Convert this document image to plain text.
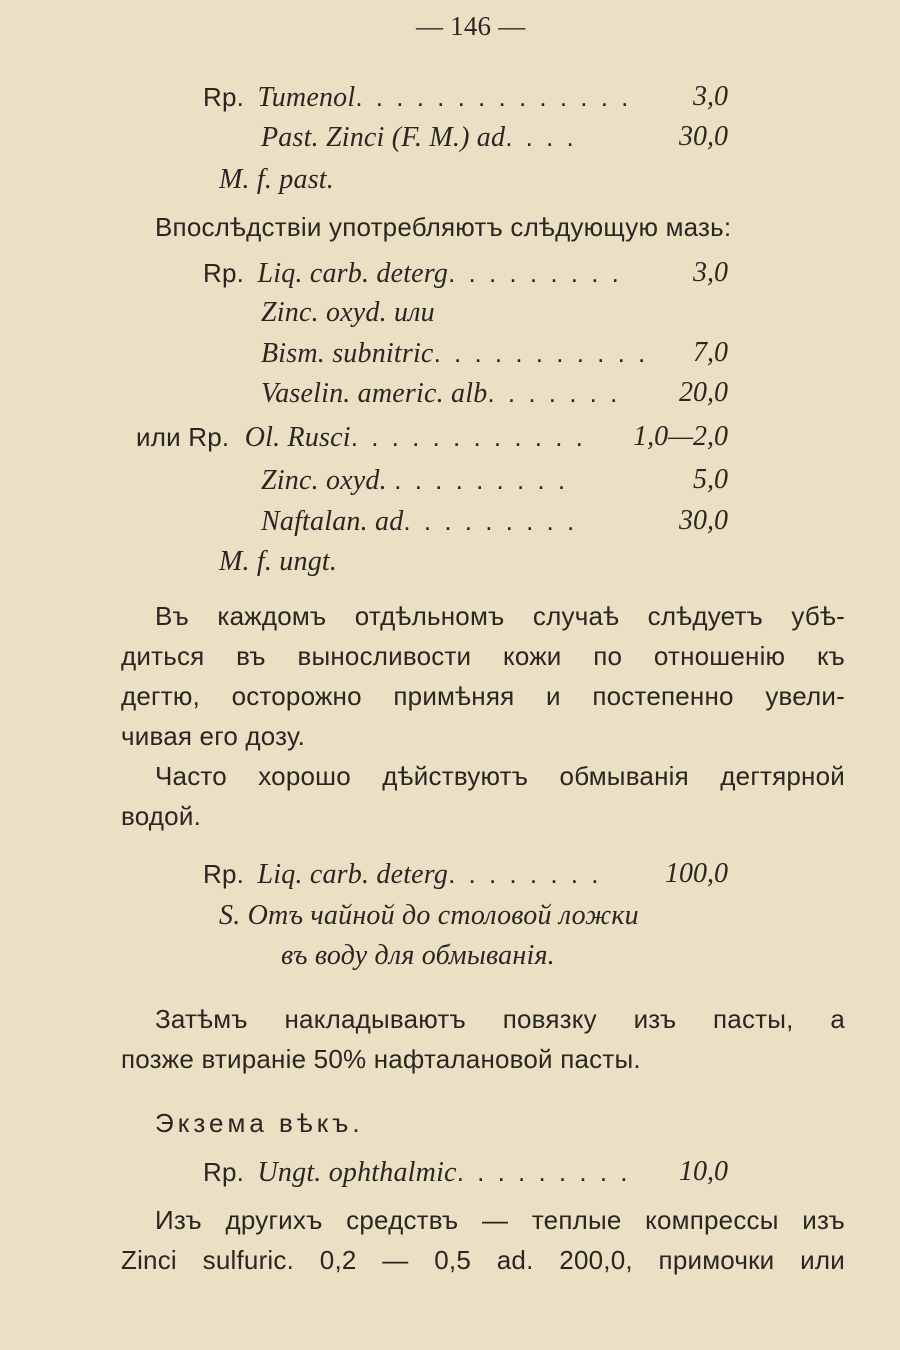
— 146 —
Rp. Tumenol. . . . . . . . . . . . . . 3,0
Past. Zinci (F. M.) ad. . . .	30,0
M. f. past.
Впослѣдствіи употребляютъ слѣдующую мазь:
Rp. Liq. carb. deterg. . . . . . . . .	3,0
Zinc. oxyd. или
Bism. subnitric. . . . . . . . . . . 7,0
Vaselin. americ. alb. . . . . . . 20,0
или Rp. Ol. Rusci. . . . . . . . . . . . 1,0—2,0
Zinc. oxyd. . . . . . . . . .	5,0
Naftalan. ad. . . . . . . . .	30,0
M. f. ungt.
Въ каждомъ отдѣльномъ случаѣ слѣдуетъ убѣ-
диться въ выносливости кожи по отношенію къ
дегтю, осторожно примѣняя и постепенно увели-
чивая его дозу.
Часто хорошо дѣйствуютъ обмыванія дегтярной
водой.
Rp. Liq. carb. deterg. . . . . . . . 100,0
S. Отъ чайной до столовой ложки
въ воду для обмыванія.
Затѣмъ накладываютъ повязку изъ пасты, а
позже втираніе 50% нафталановой пасты.
Экзема вѣкъ.
Rp. Ungt. ophthalmic. . . . . . . . . 10,0
Изъ другихъ средствъ — теплые компрессы изъ
Zinci sulfuric. 0,2 — 0,5 ad. 200,0, примочки или
